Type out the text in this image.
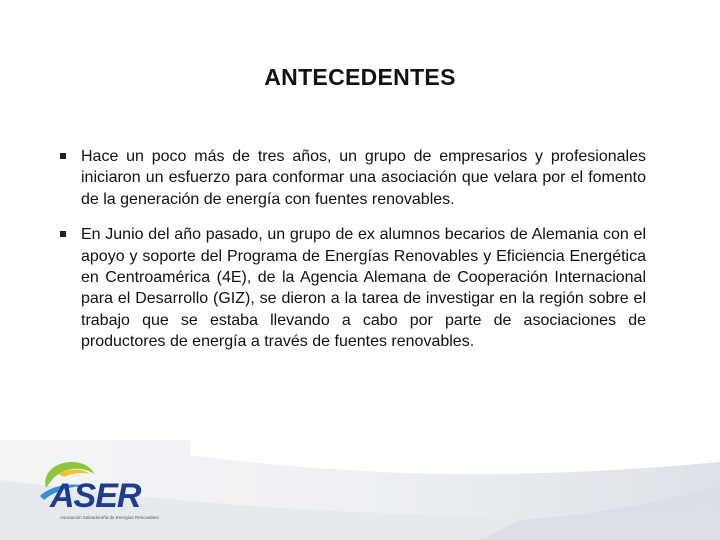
ANTECEDENTES
Hace un poco más de tres años, un grupo de empresarios y profesionales iniciaron un esfuerzo para conformar una asociación que velara por el fomento de la generación de energía con fuentes renovables.
En Junio del año pasado, un grupo de ex alumnos becarios de Alemania con el apoyo y soporte del Programa de Energías Renovables y Eficiencia Energética en Centroamérica (4E), de la Agencia Alemana de Cooperación Internacional para el Desarrollo (GIZ), se dieron a la tarea de investigar en la región sobre el trabajo que se estaba llevando a cabo por parte de asociaciones de productores de energía a través de fuentes renovables.
ASER
Asociación Salvadoreña de Energías Renovables
